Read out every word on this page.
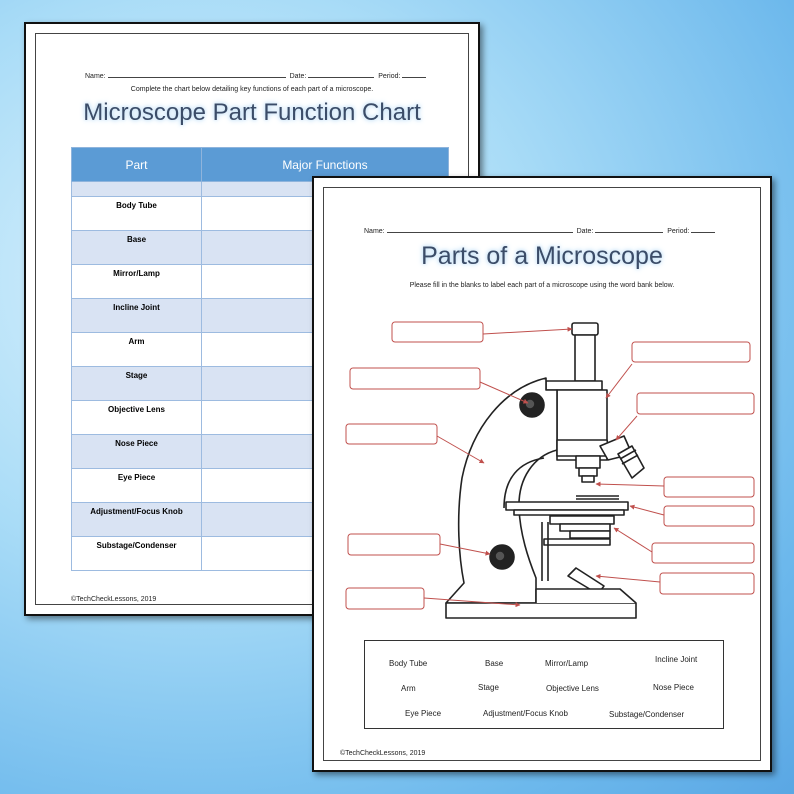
Name:	Date:	Period:
Complete the chart below detailing key functions of each part of a microscope.
Microscope Part Function Chart
Part	Major Functions

Body Tube	
Base	
Mirror/Lamp	
Incline Joint	
Arm	
Stage	
Objective Lens	
Nose Piece	
Eye Piece	
Adjustment/Focus Knob	
Substage/Condenser	
©TechCheckLessons, 2019
Name:	Date:	Period:
Parts of a Microscope
Please fill in the blanks to label each part of a microscope using the word bank below.
Body Tube	Base	Mirror/Lamp	Incline Joint
Arm	Stage	Objective Lens	Nose Piece
Eye Piece	Adjustment/Focus Knob	Substage/Condenser
©TechCheckLessons, 2019
